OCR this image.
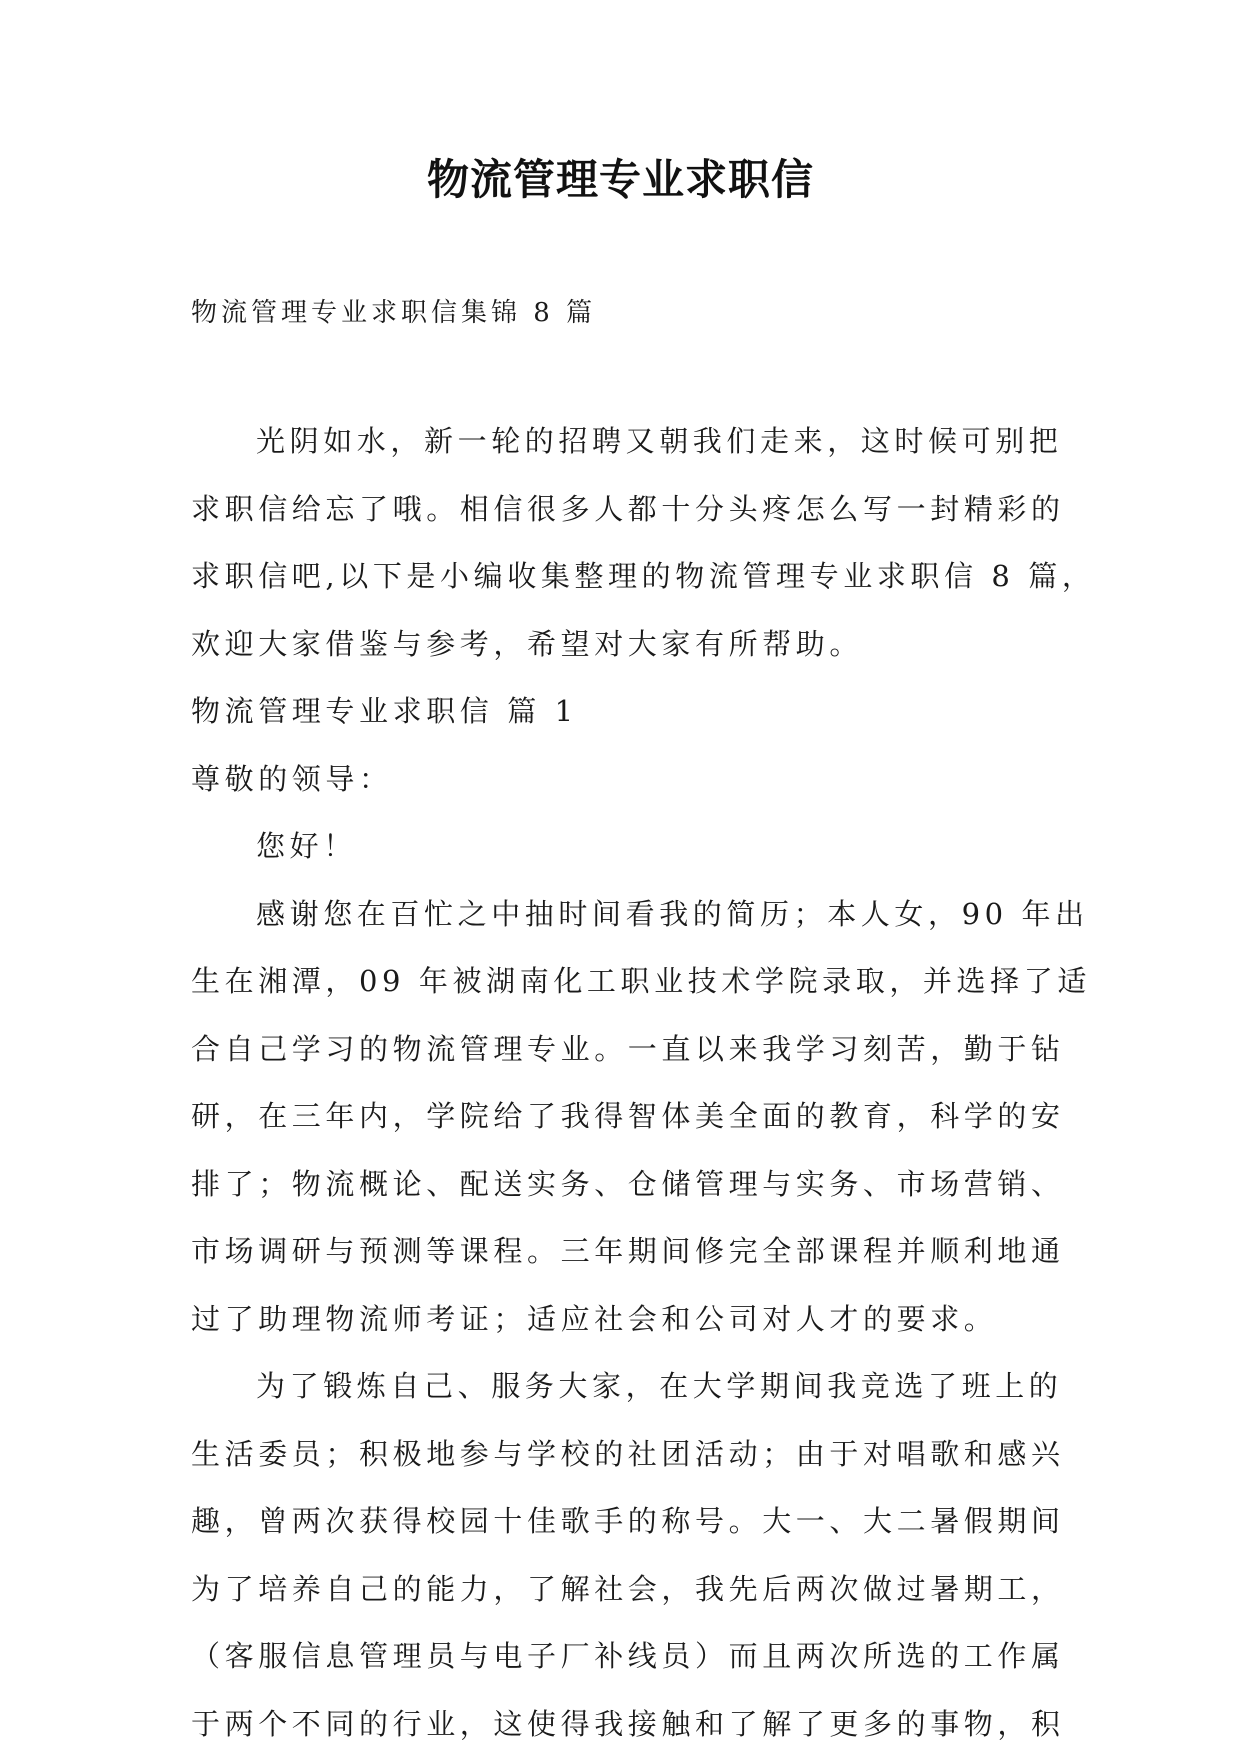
物流管理专业求职信
物流管理专业求职信集锦 8 篇
光阴如水，新一轮的招聘又朝我们走来，这时候可别把
求职信给忘了哦。相信很多人都十分头疼怎么写一封精彩的
求职信吧,以下是小编收集整理的物流管理专业求职信 8 篇，
欢迎大家借鉴与参考，希望对大家有所帮助。
物流管理专业求职信 篇 1
尊敬的领导：
您好！
感谢您在百忙之中抽时间看我的简历；本人女，90 年出
生在湘潭，09 年被湖南化工职业技术学院录取，并选择了适
合自己学习的物流管理专业。一直以来我学习刻苦，勤于钻
研，在三年内，学院给了我得智体美全面的教育，科学的安
排了；物流概论、配送实务、仓储管理与实务、市场营销、
市场调研与预测等课程。三年期间修完全部课程并顺利地通
过了助理物流师考证；适应社会和公司对人才的要求。
为了锻炼自己、服务大家，在大学期间我竞选了班上的
生活委员；积极地参与学校的社团活动；由于对唱歌和感兴
趣，曾两次获得校园十佳歌手的称号。大一、大二暑假期间
为了培养自己的能力，了解社会，我先后两次做过暑期工，
（客服信息管理员与电子厂补线员）而且两次所选的工作属
于两个不同的行业，这使得我接触和了解了更多的事物，积
